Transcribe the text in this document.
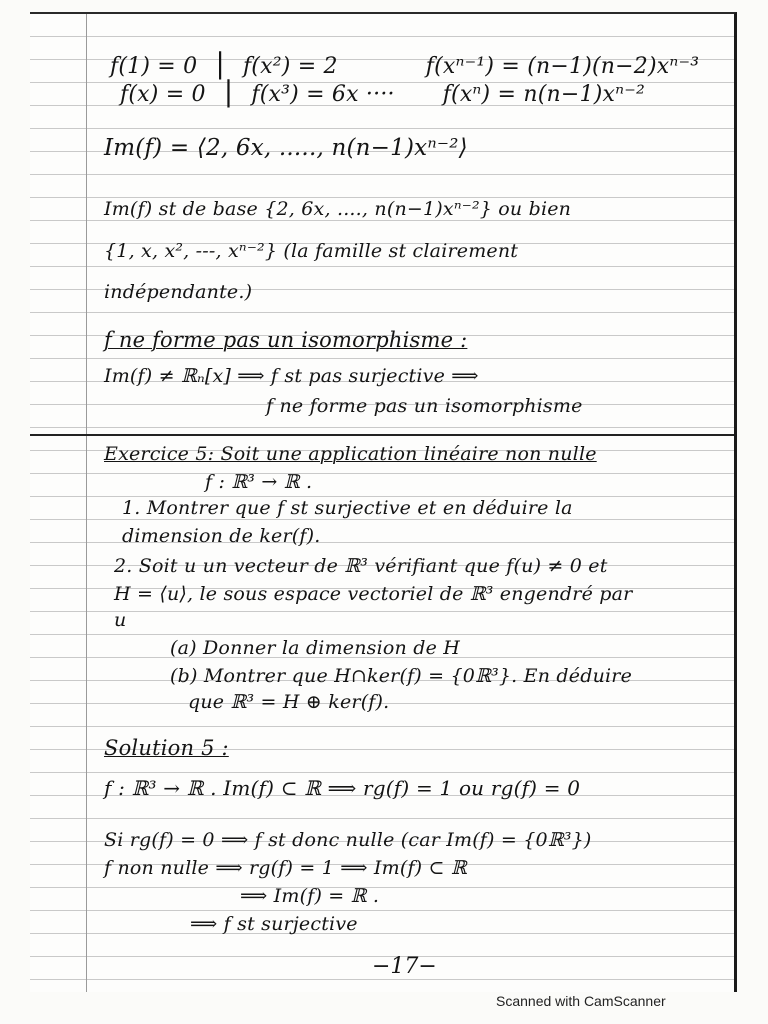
f(1) = 0 | f(x²) = 2	f(xⁿ⁻¹) = (n−1)(n−2)xⁿ⁻³
f(x) = 0 | f(x³) = 6x ···· f(xⁿ) = n(n−1)xⁿ⁻²
Im(f) = ⟨2, 6x, ....., n(n−1)xⁿ⁻²⟩
Im(f) st de base {2, 6x, ...., n(n−1)xⁿ⁻²} ou bien
{1, x, x², ---, xⁿ⁻²} (la famille st clairement
indépendante.)
f ne forme pas un isomorphisme :
Im(f) ≠ ℝₙ[x] ⟹ f st pas surjective ⟹
f ne forme pas un isomorphisme
Exercice 5: Soit une application linéaire non nulle
f : ℝ³ → ℝ .
1. Montrer que f st surjective et en déduire la
dimension de ker(f).
2. Soit u un vecteur de ℝ³ vérifiant que f(u) ≠ 0 et
H = ⟨u⟩, le sous espace vectoriel de ℝ³ engendré par
u
(a) Donner la dimension de H
(b) Montrer que H∩ker(f) = {0ℝ³}. En déduire
que ℝ³ = H ⊕ ker(f).
Solution 5 :
f : ℝ³ → ℝ . Im(f) ⊂ ℝ ⟹ rg(f) = 1 ou rg(f) = 0
Si rg(f) = 0 ⟹ f st donc nulle (car Im(f) = {0ℝ³})
f non nulle ⟹ rg(f) = 1 ⟹ Im(f) ⊂ ℝ
⟹ Im(f) = ℝ .
⟹ f st surjective
−17−
Scanned with CamScanner
